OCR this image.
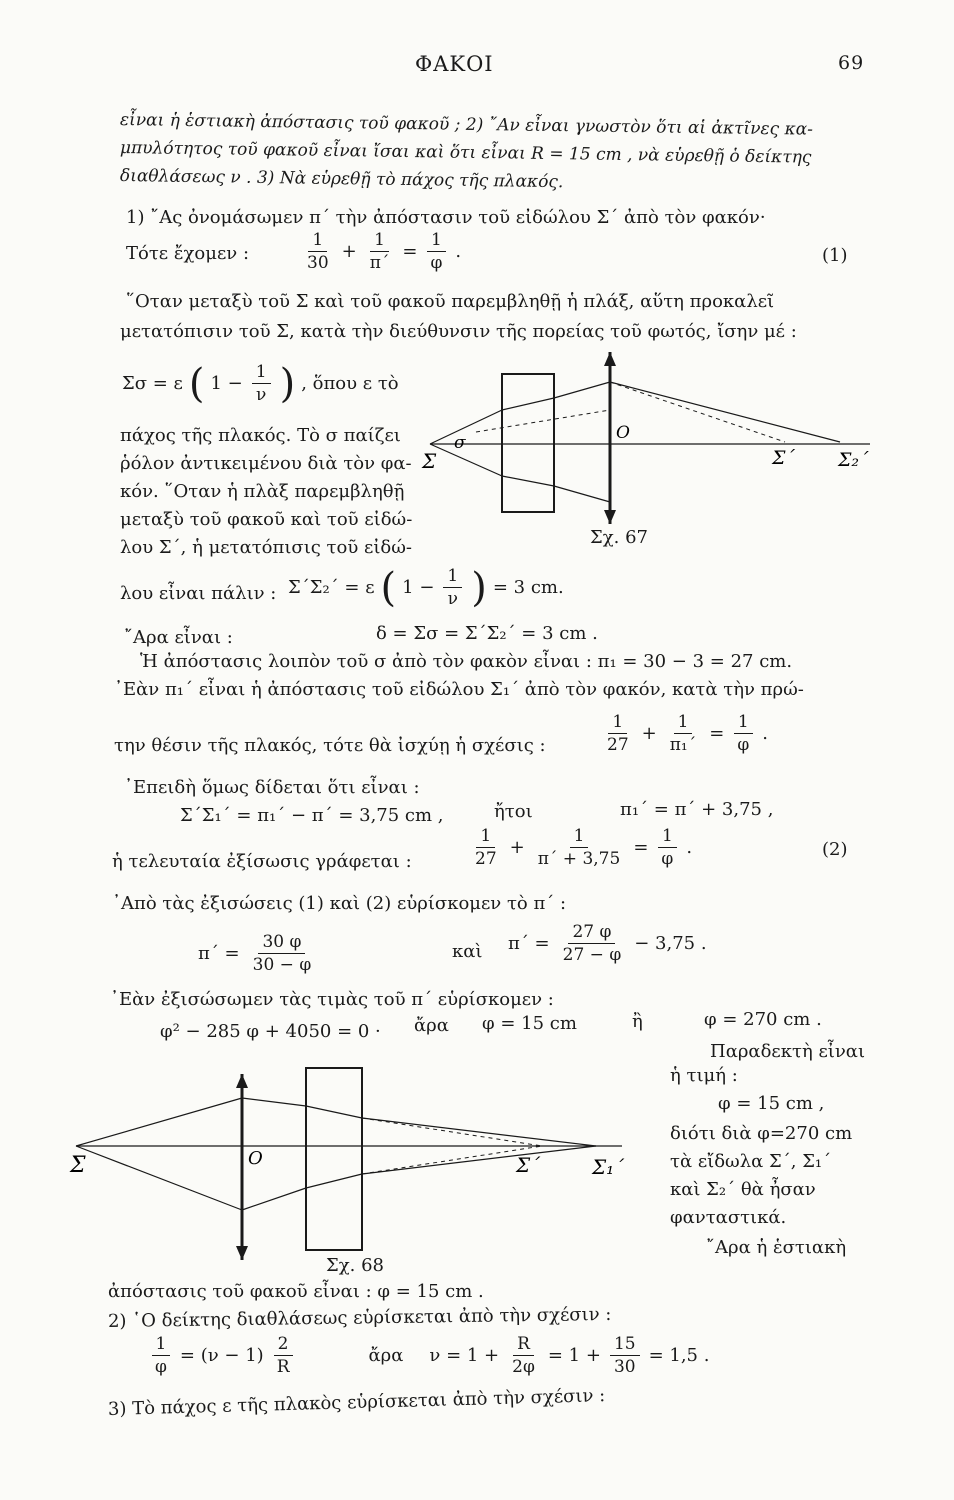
ΦΑΚΟΙ	69
εἶναι ἡ ἑστιακὴ ἀπόστασις τοῦ φακοῦ ; 2) ῎Αν εἶναι γνωστὸν ὅτι αἱ ἀκτῖνες κα-
μπυλότητος τοῦ φακοῦ εἶναι ἴσαι καὶ ὅτι εἶναι R = 15 cm , νὰ εὑρεθῇ ὁ δείκτης
διαθλάσεως ν . 3) Νὰ εὑρεθῇ τὸ πάχος τῆς πλακός.
1) ῎Ας ὀνομάσωμεν π΄ τὴν ἀπόστασιν τοῦ εἰδώλου Σ΄ ἀπὸ τὸν φακόν·
Τότε ἔχομεν :	$\frac{1}{30} + \frac{1}{\pi΄} = \frac{1}{\varphi}$ .	(1)
῞Οταν μεταξὺ τοῦ Σ καὶ τοῦ φακοῦ παρεμβληθῇ ἡ πλάξ, αὕτη προκαλεῖ
μετατόπισιν τοῦ Σ, κατὰ τὴν διεύθυνσιν τῆς πορείας τοῦ φωτός, ἴσην μέ :
Σσ = ε ( $1 - \frac{1}{\nu}$ ) , ὅπου ε τὸ
πάχος τῆς πλακός. Τὸ σ παίζει
ῥόλον ἀντικειμένου διὰ τὸν φα-
κόν. ῞Οταν ἡ πλὰξ παρεμβληθῇ
μεταξὺ τοῦ φακοῦ καὶ τοῦ εἰδώ-
λου Σ΄, ἡ μετατόπισις τοῦ εἰδώ-
λου εἶναι πάλιν :
Σ
σ	O
Σ΄ Σ₂΄
Σχ. 67
Σ΄Σ₂΄ = ε ( $1 - \frac{1}{\nu}$ ) = 3 cm.
῎Αρα εἶναι :	δ = Σσ = Σ΄Σ₂΄ = 3 cm .
Ἡ ἀπόστασις λοιπὸν τοῦ σ ἀπὸ τὸν φακὸν εἶναι : π₁ = 30 − 3 = 27 cm.
᾿Εὰν π₁΄ εἶναι ἡ ἀπόστασις τοῦ εἰδώλου Σ₁΄ ἀπὸ τὸν φακόν, κατὰ τὴν πρώ-
την θέσιν τῆς πλακός, τότε θὰ ἰσχύῃ ἡ σχέσις :	$\frac{1}{27} + \frac{1}{\text{π₁΄}} = \frac{1}{\varphi}$ .
᾿Επειδὴ ὅμως δίδεται ὅτι εἶναι :
Σ΄Σ₁΄ = π₁΄ − π΄ = 3,75 cm ,	ἤτοι	π₁΄ = π΄ + 3,75 ,
ἡ τελευταία ἐξίσωσις γράφεται :	$\frac{1}{27} + \frac{1}{\pi΄ + 3,75} = \frac{1}{\varphi}$ .	(2)
᾿Απὸ τὰς ἐξισώσεις (1) καὶ (2) εὑρίσκομεν τὸ π΄ :
$\pi΄ = \frac{30 \varphi}{30 - \varphi}$	καὶ $\pi΄ = \frac{27 \varphi}{27 - \varphi} - 3,75$ .
᾿Εὰν ἐξισώσωμεν τὰς τιμὰς τοῦ π΄ εὑρίσκομεν :
φ² − 285 φ + 4050 = 0 · ἄρα φ = 15 cm	ἢ	φ = 270 cm .
Σ	O	Σ΄	Σ₁΄
Σχ. 68
Παραδεκτὴ εἶναι
ἡ τιμή :
φ = 15 cm ,
διότι διὰ φ=270 cm
τὰ εἴδωλα Σ΄, Σ₁΄
καὶ Σ₂΄ θὰ ἦσαν
φανταστικά.
῎Αρα ἡ ἑστιακὴ
ἀπόστασις τοῦ φακοῦ εἶναι : φ = 15 cm .
2) ῾Ο δείκτης διαθλάσεως εὑρίσκεται ἀπὸ τὴν σχέσιν :
$\frac{1}{\varphi} = (\nu - 1) \frac{2}{R}$	ἄρα $\nu = 1 + \frac{R}{2\varphi} = 1 + \frac{15}{30} = 1,5$ .
3) Τὸ πάχος ε τῆς πλακὸς εὑρίσκεται ἀπὸ τὴν σχέσιν :
